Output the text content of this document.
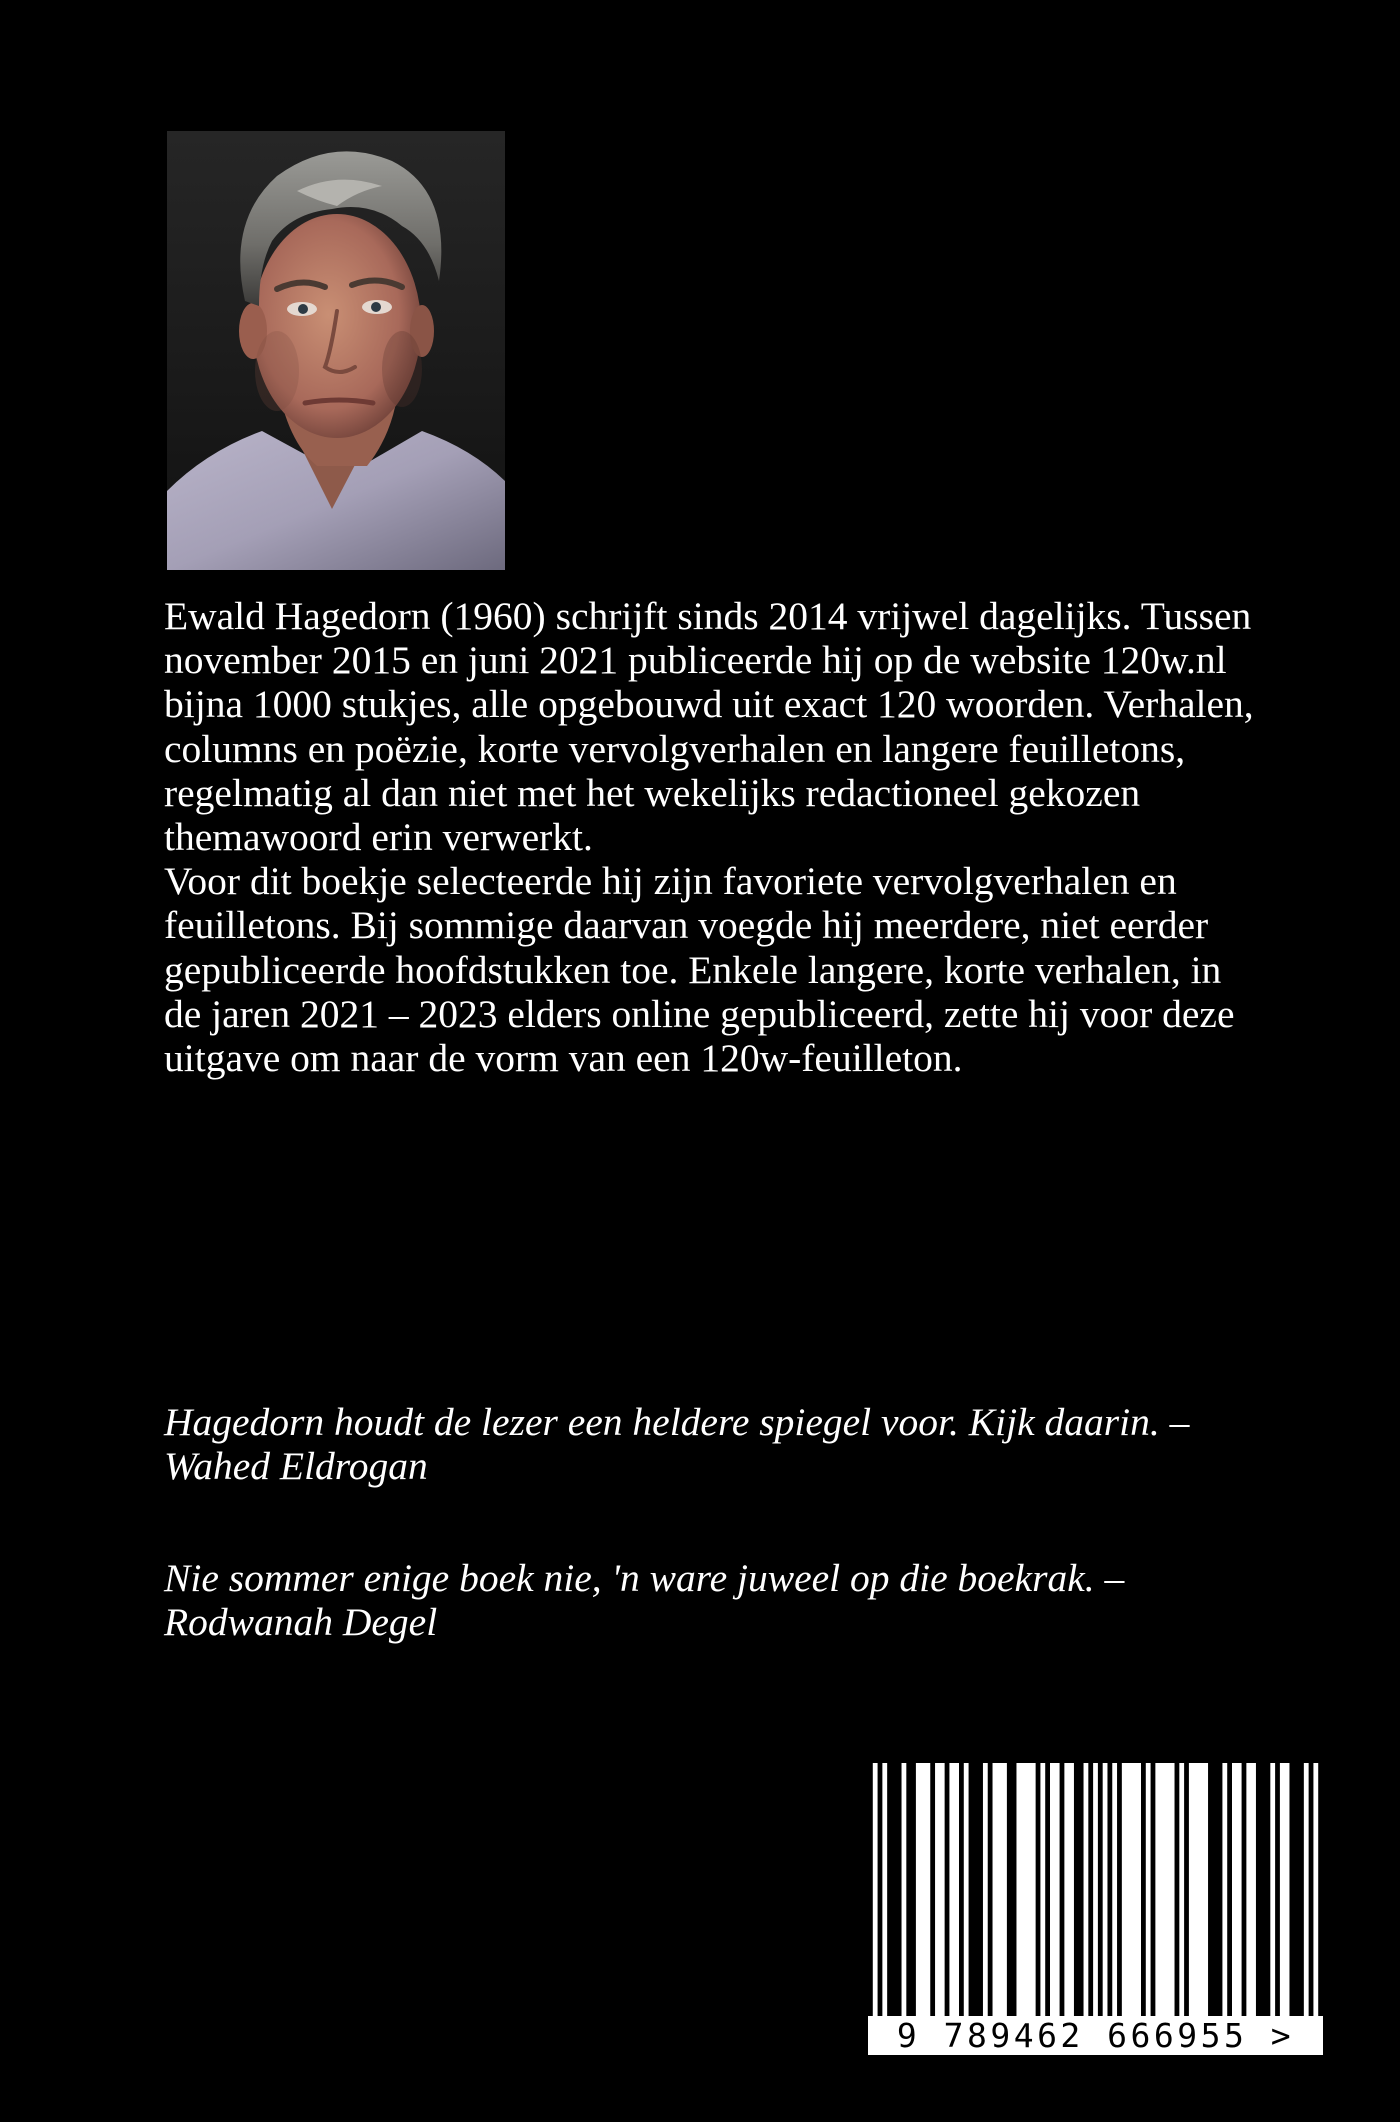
Ewald Hagedorn (1960) schrijft sinds 2014 vrijwel dagelijks. Tussen november 2015 en juni 2021 publiceerde hij op de website 120w.nl bijna 1000 stukjes, alle opgebouwd uit exact 120 woorden. Verhalen, columns en poëzie, korte vervolgverhalen en langere feuilletons, regelmatig al dan niet met het wekelijks redactioneel gekozen themawoord erin verwerkt.

Voor dit boekje selecteerde hij zijn favoriete vervolgverhalen en feuilletons. Bij sommige daarvan voegde hij meerdere, niet eerder gepubliceerde hoofdstukken toe. Enkele langere, korte verhalen, in de jaren 2021 – 2023 elders online gepubliceerd, zette hij voor deze uitgave om naar de vorm van een 120w-feuilleton.

Hagedorn houdt de lezer een heldere spiegel voor. Kijk daarin. – Wahed Eldrogan

Nie sommer enige boek nie, 'n ware juweel op die boekrak. – Rodwanah Degel

9 789462 666955 >
